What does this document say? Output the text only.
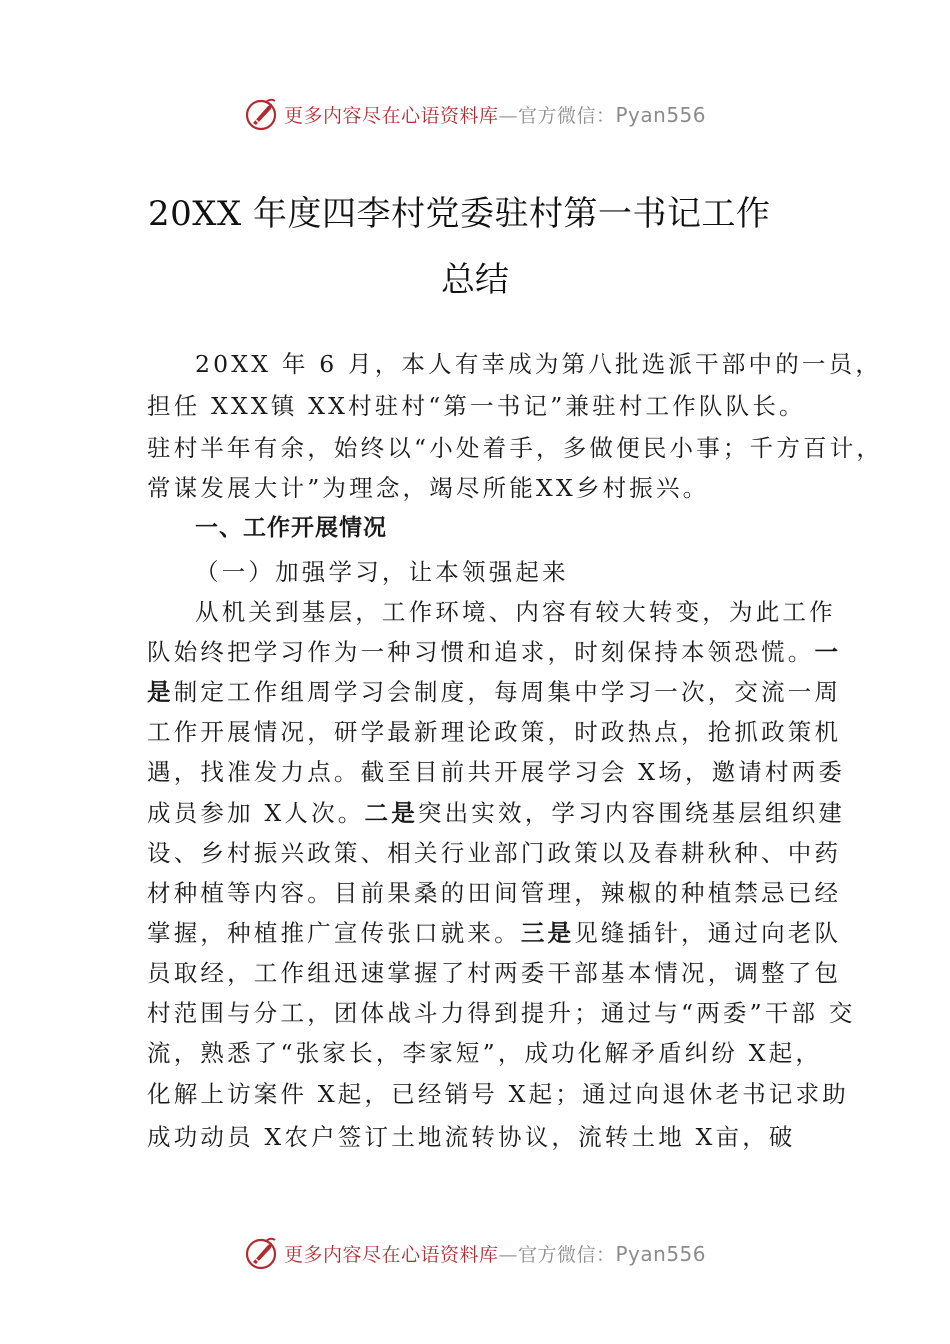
更多内容尽在心语资料库—官方微信：Pyan556
20XX 年度四李村党委驻村第一书记工作
总结
20XX 年 6 月，本人有幸成为第八批选派干部中的一员，
担任 XXX镇 XX村驻村“第一书记”兼驻村工作队队长。
驻村半年有余，始终以“小处着手，多做便民小事；千方百计，
常谋发展大计”为理念，竭尽所能XX乡村振兴。
一、工作开展情况
（一）加强学习，让本领强起来
从机关到基层，工作环境、内容有较大转变，为此工作
队始终把学习作为一种习惯和追求，时刻保持本领恐慌。一
是制定工作组周学习会制度，每周集中学习一次，交流一周
工作开展情况，研学最新理论政策，时政热点，抢抓政策机
遇，找准发力点。截至目前共开展学习会 X场，邀请村两委
成员参加 X人次。二是突出实效，学习内容围绕基层组织建
设、乡村振兴政策、相关行业部门政策以及春耕秋种、中药
材种植等内容。目前果桑的田间管理，辣椒的种植禁忌已经
掌握，种植推广宣传张口就来。三是见缝插针，通过向老队
员取经，工作组迅速掌握了村两委干部基本情况，调整了包
村范围与分工，团体战斗力得到提升；通过与“两委”干部 交
流，熟悉了“张家长，李家短”，成功化解矛盾纠纷 X起，
化解上访案件 X起，已经销号 X起；通过向退休老书记求助
成功动员 X农户签订土地流转协议，流转土地 X亩，破
更多内容尽在心语资料库—官方微信：Pyan556
